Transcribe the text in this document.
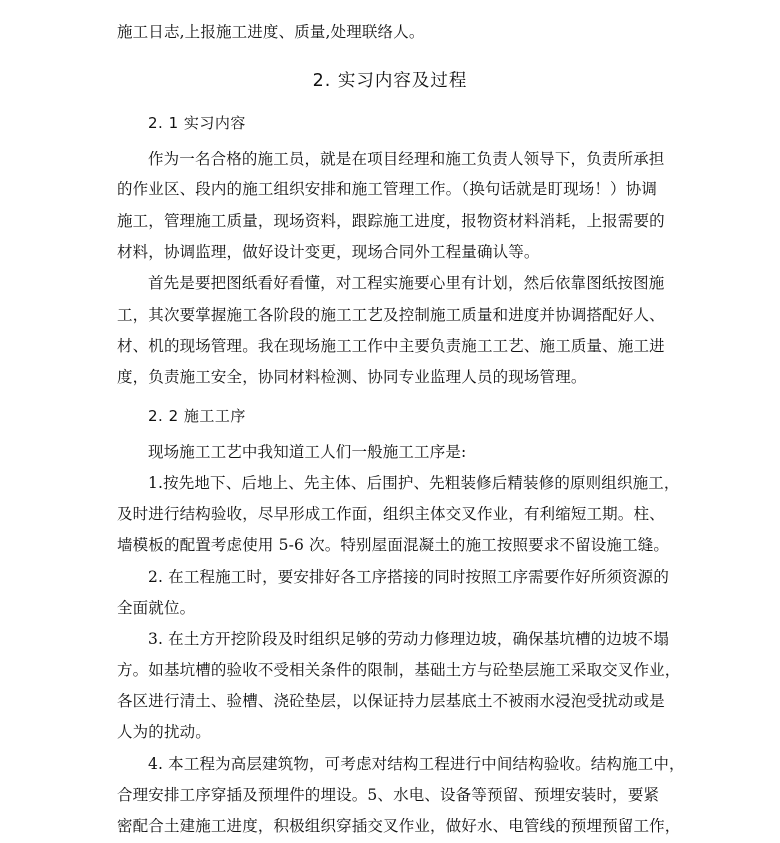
施工日志,上报施工进度、质量,处理联络人。
2. 实习内容及过程
2. 1 实习内容
作为一名合格的施工员，就是在项目经理和施工负责人领导下，负责所承担
的作业区、段内的施工组织安排和施工管理工作。（换句话就是盯现场！）协调
施工，管理施工质量，现场资料，跟踪施工进度，报物资材料消耗，上报需要的
材料，协调监理，做好设计变更，现场合同外工程量确认等。
首先是要把图纸看好看懂，对工程实施要心里有计划，然后依靠图纸按图施
工，其次要掌握施工各阶段的施工工艺及控制施工质量和进度并协调搭配好人、
材、机的现场管理。我在现场施工工作中主要负责施工工艺、施工质量、施工进
度，负责施工安全，协同材料检测、协同专业监理人员的现场管理。
2. 2 施工工序
现场施工工艺中我知道工人们一般施工工序是:
1.按先地下、后地上、先主体、后围护、先粗装修后精装修的原则组织施工，
及时进行结构验收，尽早形成工作面，组织主体交叉作业，有利缩短工期。柱、
墙模板的配置考虑使用 5-6 次。特别屋面混凝土的施工按照要求不留设施工缝。
2. 在工程施工时，要安排好各工序搭接的同时按照工序需要作好所须资源的
全面就位。
3. 在土方开挖阶段及时组织足够的劳动力修理边坡，确保基坑槽的边坡不塌
方。如基坑槽的验收不受相关条件的限制，基础土方与砼垫层施工采取交叉作业，
各区进行清土、验槽、浇砼垫层，以保证持力层基底土不被雨水浸泡受扰动或是
人为的扰动。
4. 本工程为高层建筑物，可考虑对结构工程进行中间结构验收。结构施工中，
合理安排工序穿插及预埋件的埋设。5、水电、设备等预留、预埋安装时，要紧
密配合土建施工进度，积极组织穿插交叉作业，做好水、电管线的预埋预留工作，
